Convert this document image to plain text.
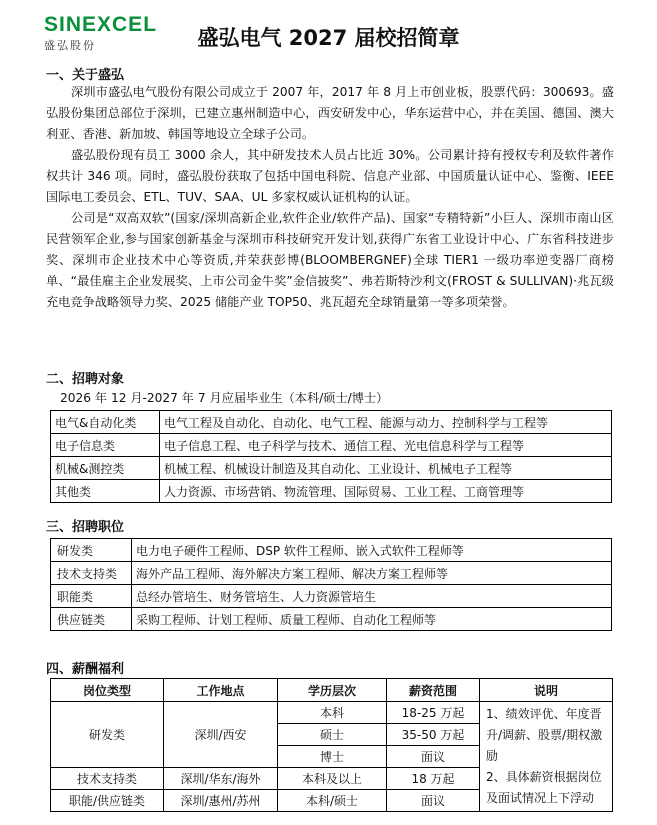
SINEXCEL
盛弘股份	盛弘电气 2027 届校招简章
一、关于盛弘

深圳市盛弘电气股份有限公司成立于 2007 年，2017 年 8 月上市创业板，股票代码：300693。盛弘股份集团总部位于深圳，已建立惠州制造中心，西安研发中心，华东运营中心，并在美国、德国、澳大利亚、香港、新加坡、韩国等地设立全球子公司。

盛弘股份现有员工 3000 余人，其中研发技术人员占比近 30%。公司累计持有授权专利及软件著作权共计 346 项。同时，盛弘股份获取了包括中国电科院、信息产业部、中国质量认证中心、鉴衡、IEEE 国际电工委员会、ETL、TUV、SAA、UL 多家权威认证机构的认证。

公司是“双高双软”(国家/深圳高新企业,软件企业/软件产品)、国家“专精特新”小巨人、深圳市南山区民营领军企业,参与国家创新基金与深圳市科技研究开发计划,获得广东省工业设计中心、广东省科技进步奖、深圳市企业技术中心等资质,并荣获彭博(BLOOMBERGNEF)全球 TIER1 一级功率逆变器厂商榜单、“最佳雇主企业发展奖、上市公司金牛奖”金信披奖”、弗若斯特沙利文(FROST & SULLIVAN)·兆瓦级充电竞争战略领导力奖、2025 储能产业 TOP50、兆瓦超充全球销量第一等多项荣誉。

二、招聘对象
2026 年 12 月-2027 年 7 月应届毕业生（本科/硕士/博士）
电气&自动化类	电气工程及自动化、自动化、电气工程、能源与动力、控制科学与工程等
电子信息类	电子信息工程、电子科学与技术、通信工程、光电信息科学与工程等
机械&测控类	机械工程、机械设计制造及其自动化、工业设计、机械电子工程等
其他类	人力资源、市场营销、物流管理、国际贸易、工业工程、工商管理等
三、招聘职位
研发类	电力电子硬件工程师、DSP 软件工程师、嵌入式软件工程师等
技术支持类	海外产品工程师、海外解决方案工程师、解决方案工程师等
职能类	总经办管培生、财务管培生、人力资源管培生
供应链类	采购工程师、计划工程师、质量工程师、自动化工程师等
四、薪酬福利
岗位类型	工作地点	学历层次	薪资范围	说明
研发类	深圳/西安	本科	18-25 万起	1、绩效评优、年度晋升/调薪、股票/期权激励
2、具体薪资根据岗位及面试情况上下浮动

		硕士	35-50 万起	
		博士	面议	
技术支持类	深圳/华东/海外	本科及以上	18 万起	
职能/供应链类	深圳/惠州/苏州	本科/硕士	面议	
